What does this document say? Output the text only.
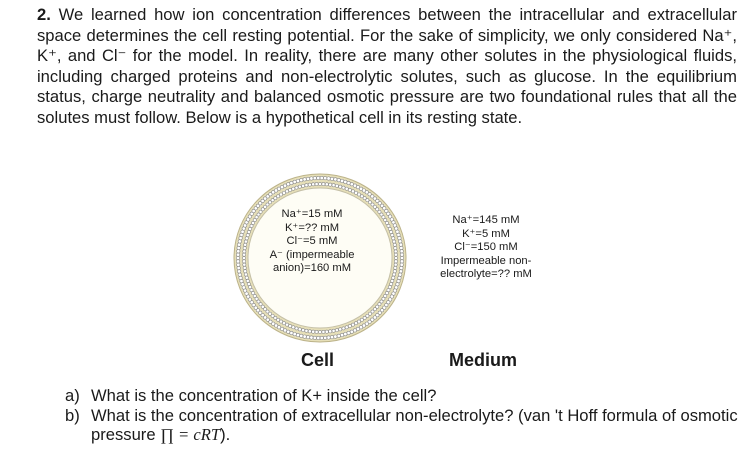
2. We learned how ion concentration differences between the intracellular and extracellular space determines the cell resting potential. For the sake of simplicity, we only considered Na⁺, K⁺, and Cl⁻ for the model. In reality, there are many other solutes in the physiological fluids, including charged proteins and non-electrolytic solutes, such as glucose. In the equilibrium status, charge neutrality and balanced osmotic pressure are two foundational rules that all the solutes must follow. Below is a hypothetical cell in its resting state.

Na⁺=15 mM
K⁺=?? mM
Cl⁻=5 mM
A⁻ (impermeable
anion)=160 mM
Na⁺=145 mM
K⁺=5 mM
Cl⁻=150 mM
Impermeable non-
electrolyte=?? mM
Cell	Medium
a) What is the concentration of K+ inside the cell?
b) What is the concentration of extracellular non-electrolyte? (van 't Hoff formula of osmotic pressure ∏ = cRT).
